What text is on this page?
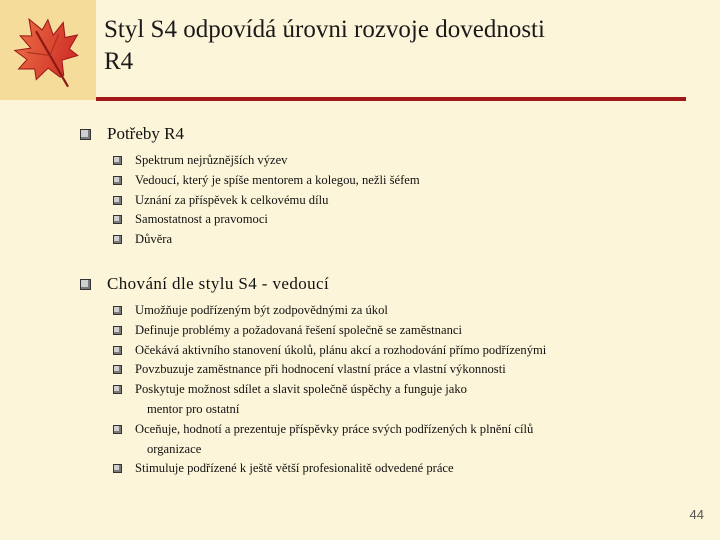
Styl S4 odpovídá úrovni rozvoje dovednosti
R4
Potřeby R4
Spektrum nejrůznějších výzev
Vedoucí, který je spíše mentorem a kolegou, nežli šéfem
Uznání za příspěvek k celkovému dílu
Samostatnost a pravomoci
Důvěra
Chování dle stylu S4 - vedoucí
Umožňuje podřízeným být zodpovědnými za úkol
Definuje problémy a požadovaná řešení společně se zaměstnanci
Očekává aktivního stanovení úkolů, plánu akcí a rozhodování přímo podřízenými
Povzbuzuje zaměstnance při hodnocení vlastní práce a vlastní výkonnosti
Poskytuje možnost sdílet a slavit společně úspěchy a funguje jako
mentor pro ostatní
Oceňuje, hodnotí a prezentuje příspěvky práce svých podřízených k plnění cílů
organizace
Stimuluje podřízené k ještě větší profesionalitě odvedené práce
44
